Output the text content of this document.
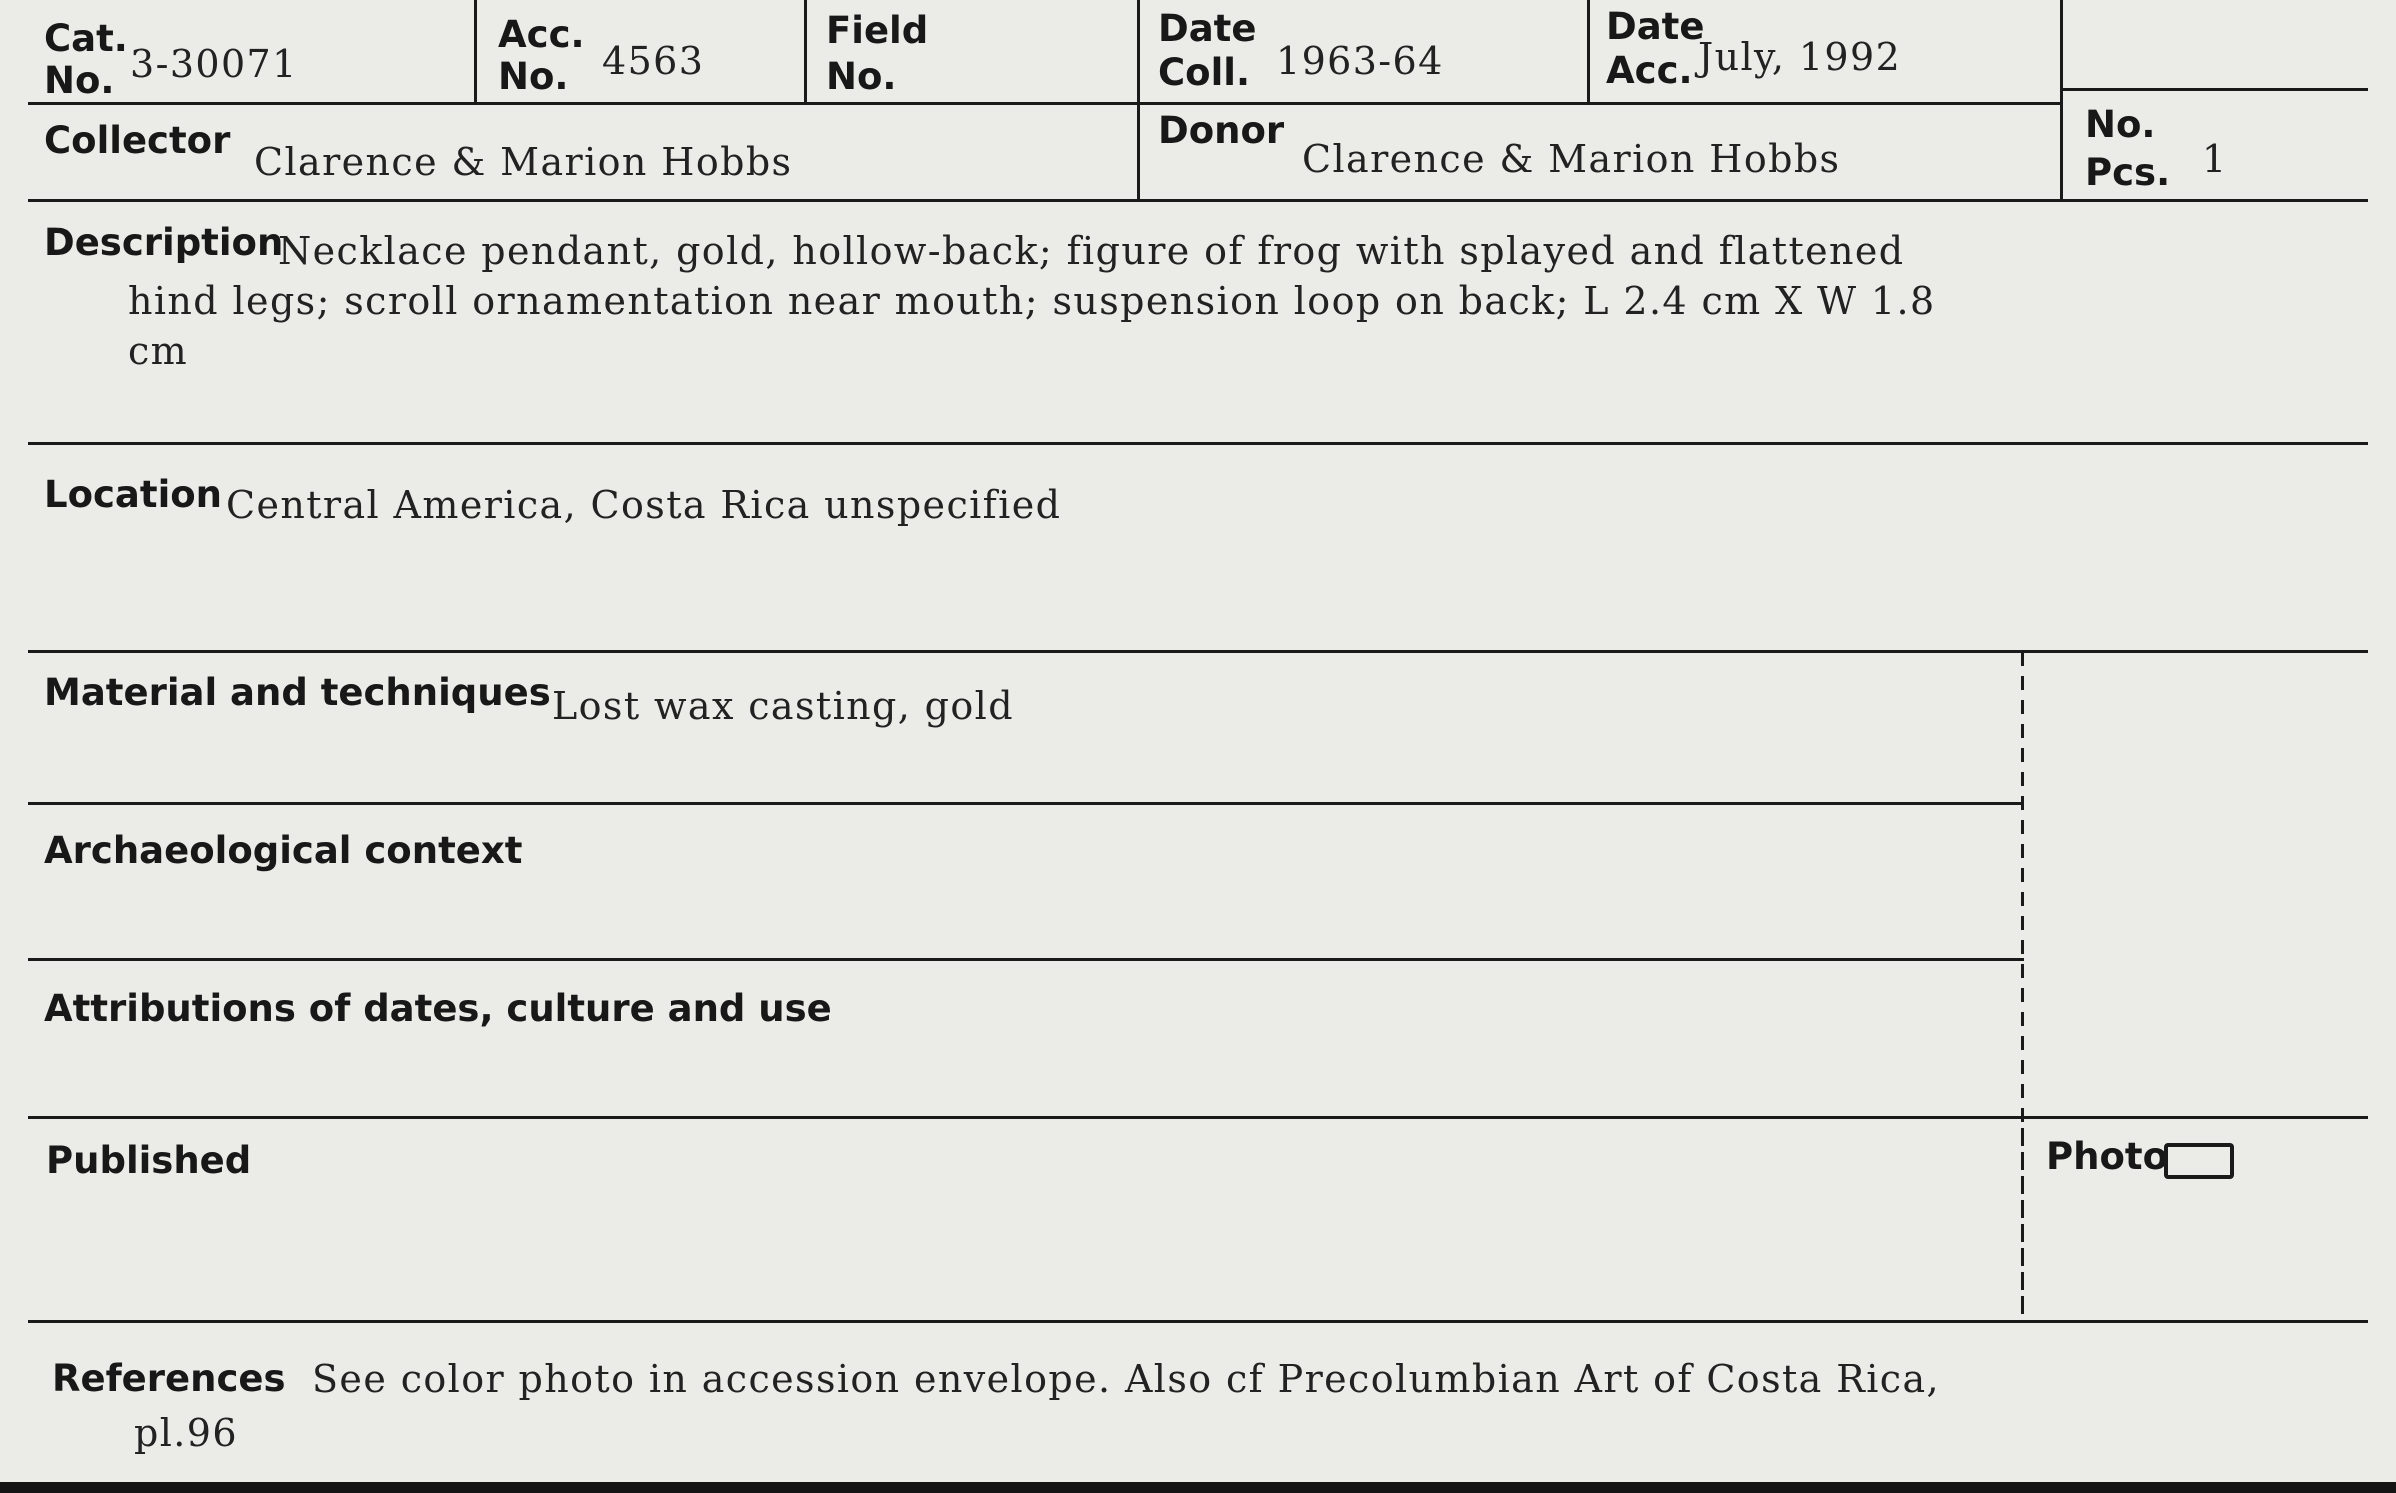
Cat.
No. 3-30071
Acc.
No. 4563
Field
No.
Date
Coll. 1963-64
Date
Acc. July, 1992
Collector Clarence & Marion Hobbs
Donor
Clarence & Marion Hobbs
No.
Pcs. 1
Description
Necklace pendant, gold, hollow-back; figure of frog with splayed and flattened
hind legs; scroll ornamentation near mouth; suspension loop on back; L 2.4 cm X W 1.8
cm
Location Central America, Costa Rica unspecified
Material and techniques Lost wax casting, gold
Archaeological context
Attributions of dates, culture and use
Published	Photo
References See color photo in accession envelope. Also cf Precolumbian Art of Costa Rica,
pl.96
